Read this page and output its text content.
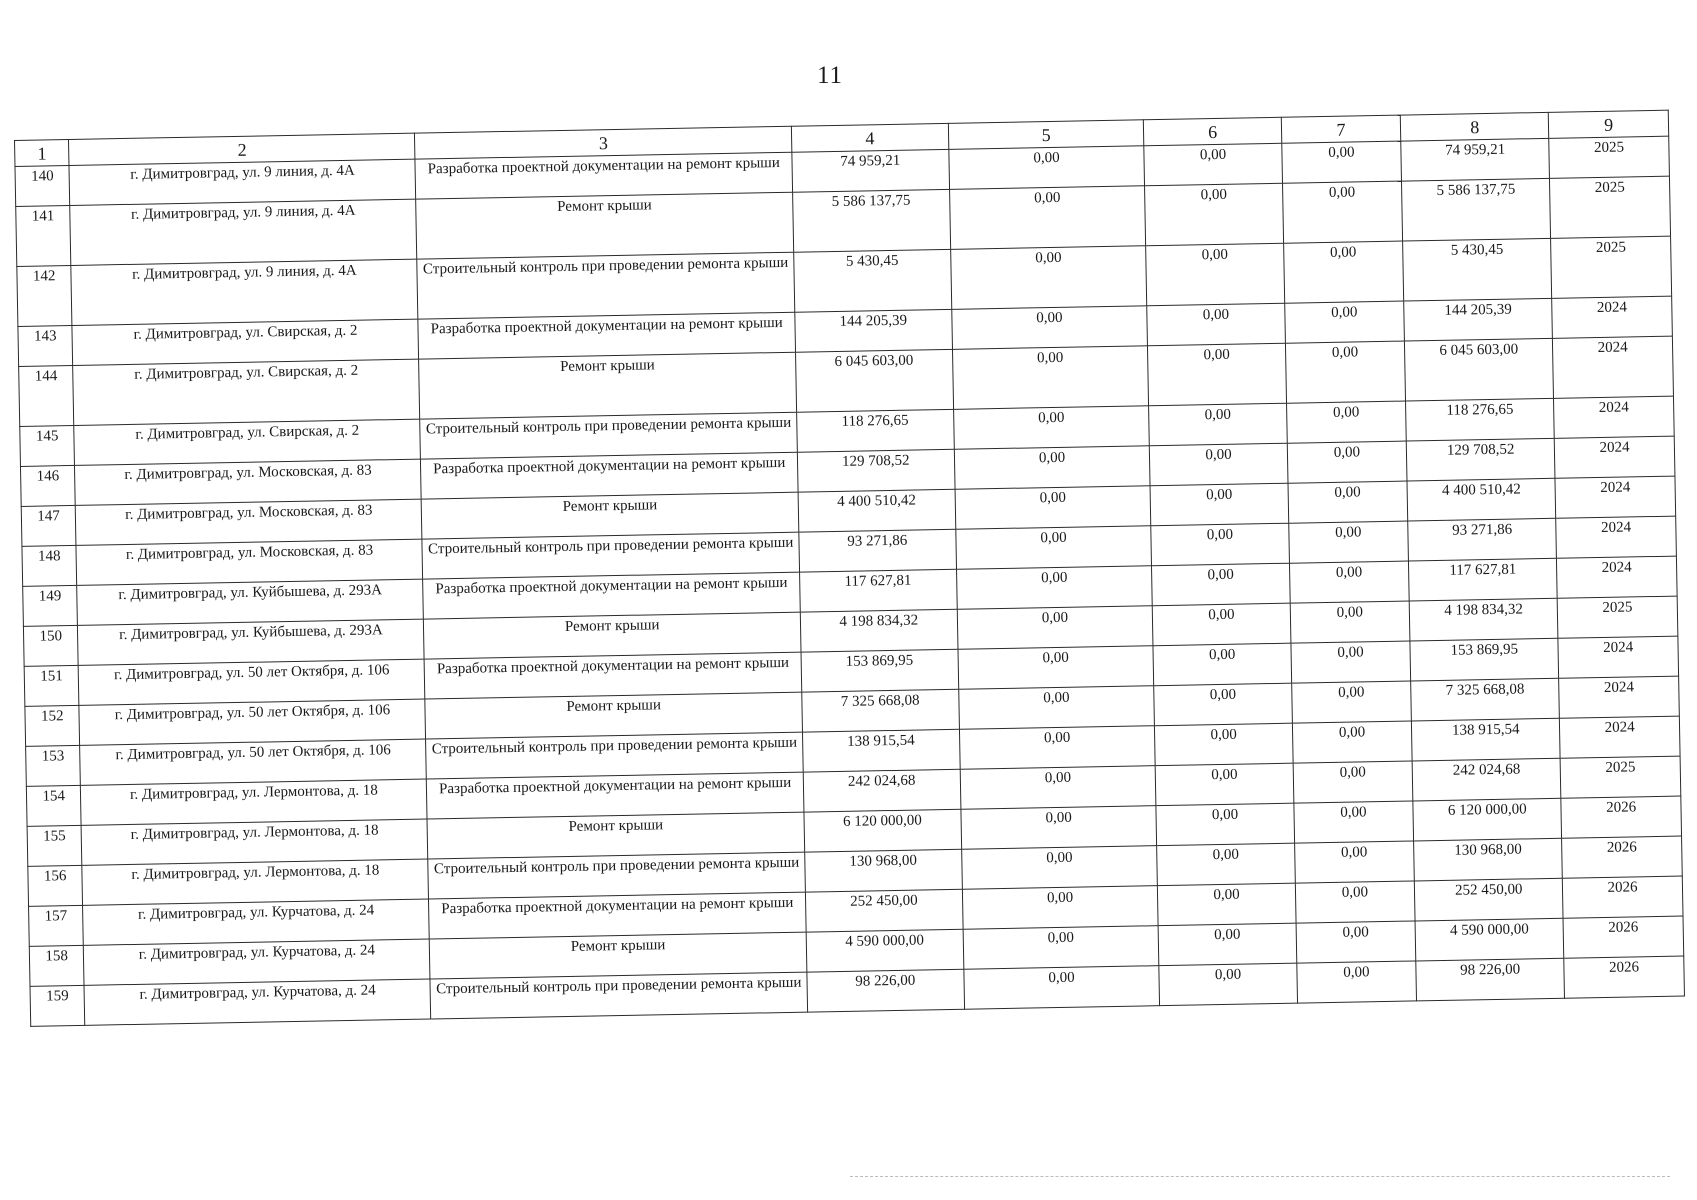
11
1	2	3	4	5	6	7	8	9
140	г. Димитровград, ул. 9 линия, д. 4А	Разработка проектной документации на ремонт крыши	74 959,21	0,00	0,00	0,00	74 959,21	2025
141	г. Димитровград, ул. 9 линия, д. 4А	Ремонт крыши	5 586 137,75	0,00	0,00	0,00	5 586 137,75	2025
142	г. Димитровград, ул. 9 линия, д. 4А	Строительный контроль при проведении ремонта крыши	5 430,45	0,00	0,00	0,00	5 430,45	2025
143	г. Димитровград, ул. Свирская, д. 2	Разработка проектной документации на ремонт крыши	144 205,39	0,00	0,00	0,00	144 205,39	2024
144	г. Димитровград, ул. Свирская, д. 2	Ремонт крыши	6 045 603,00	0,00	0,00	0,00	6 045 603,00	2024
145	г. Димитровград, ул. Свирская, д. 2	Строительный контроль при проведении ремонта крыши	118 276,65	0,00	0,00	0,00	118 276,65	2024
146	г. Димитровград, ул. Московская, д. 83	Разработка проектной документации на ремонт крыши	129 708,52	0,00	0,00	0,00	129 708,52	2024
147	г. Димитровград, ул. Московская, д. 83	Ремонт крыши	4 400 510,42	0,00	0,00	0,00	4 400 510,42	2024
148	г. Димитровград, ул. Московская, д. 83	Строительный контроль при проведении ремонта крыши	93 271,86	0,00	0,00	0,00	93 271,86	2024
149	г. Димитровград, ул. Куйбышева, д. 293А	Разработка проектной документации на ремонт крыши	117 627,81	0,00	0,00	0,00	117 627,81	2024
150	г. Димитровград, ул. Куйбышева, д. 293А	Ремонт крыши	4 198 834,32	0,00	0,00	0,00	4 198 834,32	2025
151	г. Димитровград, ул. 50 лет Октября, д. 106	Разработка проектной документации на ремонт крыши	153 869,95	0,00	0,00	0,00	153 869,95	2024
152	г. Димитровград, ул. 50 лет Октября, д. 106	Ремонт крыши	7 325 668,08	0,00	0,00	0,00	7 325 668,08	2024
153	г. Димитровград, ул. 50 лет Октября, д. 106	Строительный контроль при проведении ремонта крыши	138 915,54	0,00	0,00	0,00	138 915,54	2024
154	г. Димитровград, ул. Лермонтова, д. 18	Разработка проектной документации на ремонт крыши	242 024,68	0,00	0,00	0,00	242 024,68	2025
155	г. Димитровград, ул. Лермонтова, д. 18	Ремонт крыши	6 120 000,00	0,00	0,00	0,00	6 120 000,00	2026
156	г. Димитровград, ул. Лермонтова, д. 18	Строительный контроль при проведении ремонта крыши	130 968,00	0,00	0,00	0,00	130 968,00	2026
157	г. Димитровград, ул. Курчатова, д. 24	Разработка проектной документации на ремонт крыши	252 450,00	0,00	0,00	0,00	252 450,00	2026
158	г. Димитровград, ул. Курчатова, д. 24	Ремонт крыши	4 590 000,00	0,00	0,00	0,00	4 590 000,00	2026
159	г. Димитровград, ул. Курчатова, д. 24	Строительный контроль при проведении ремонта крыши	98 226,00	0,00	0,00	0,00	98 226,00	2026
